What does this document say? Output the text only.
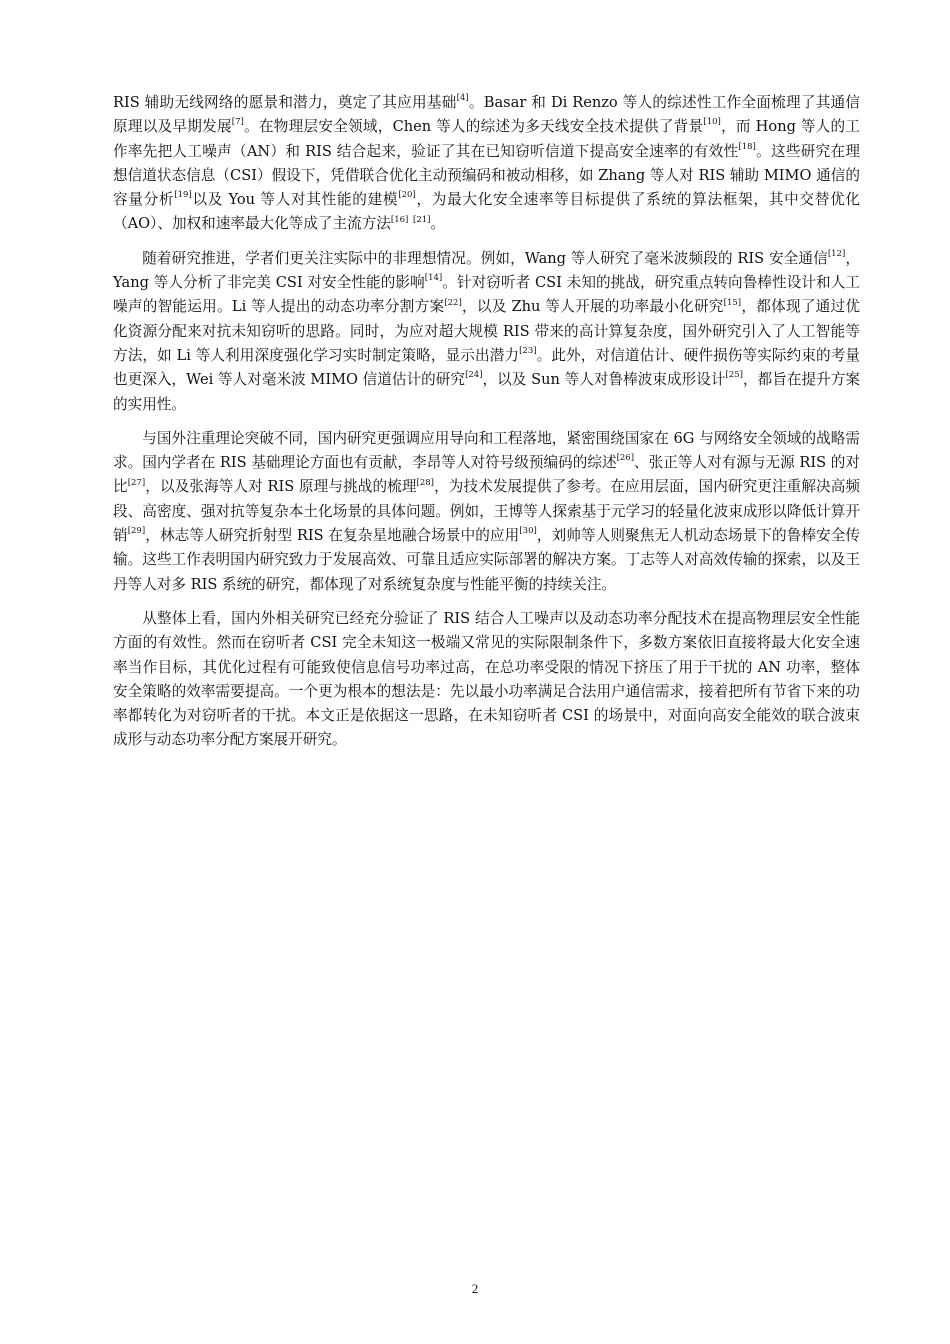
RIS 辅助无线网络的愿景和潜力，奠定了其应用基础[4]。Basar 和 Di Renzo 等人的综述性工作全面梳理了其通信原理以及早期发展[7]。在物理层安全领域，Chen 等人的综述为多天线安全技术提供了背景[10]，而 Hong 等人的工作率先把人工噪声（AN）和 RIS 结合起来，验证了其在已知窃听信道下提高安全速率的有效性[18]。这些研究在理想信道状态信息（CSI）假设下，凭借联合优化主动预编码和被动相移，如 Zhang 等人对 RIS 辅助 MIMO 通信的容量分析[19]以及 You 等人对其性能的建模[20]，为最大化安全速率等目标提供了系统的算法框架，其中交替优化（AO）、加权和速率最大化等成了主流方法[16] [21]。

随着研究推进，学者们更关注实际中的非理想情况。例如，Wang 等人研究了毫米波频段的 RIS 安全通信[12]，Yang 等人分析了非完美 CSI 对安全性能的影响[14]。针对窃听者 CSI 未知的挑战，研究重点转向鲁棒性设计和人工噪声的智能运用。Li 等人提出的动态功率分割方案[22]，以及 Zhu 等人开展的功率最小化研究[15]，都体现了通过优化资源分配来对抗未知窃听的思路。同时，为应对超大规模 RIS 带来的高计算复杂度，国外研究引入了人工智能等方法，如 Li 等人利用深度强化学习实时制定策略，显示出潜力[23]。此外，对信道估计、硬件损伤等实际约束的考量也更深入，Wei 等人对毫米波 MIMO 信道估计的研究[24]，以及 Sun 等人对鲁棒波束成形设计[25]，都旨在提升方案的实用性。

与国外注重理论突破不同，国内研究更强调应用导向和工程落地，紧密围绕国家在 6G 与网络安全领域的战略需求。国内学者在 RIS 基础理论方面也有贡献，李昂等人对符号级预编码的综述[26]、张正等人对有源与无源 RIS 的对比[27]，以及张海等人对 RIS 原理与挑战的梳理[28]，为技术发展提供了参考。在应用层面，国内研究更注重解决高频段、高密度、强对抗等复杂本土化场景的具体问题。例如，王博等人探索基于元学习的轻量化波束成形以降低计算开销[29]，林志等人研究折射型 RIS 在复杂星地融合场景中的应用[30]，刘帅等人则聚焦无人机动态场景下的鲁棒安全传输。这些工作表明国内研究致力于发展高效、可靠且适应实际部署的解决方案。丁志等人对高效传输的探索，以及王丹等人对多 RIS 系统的研究，都体现了对系统复杂度与性能平衡的持续关注。

从整体上看，国内外相关研究已经充分验证了 RIS 结合人工噪声以及动态功率分配技术在提高物理层安全性能方面的有效性。然而在窃听者 CSI 完全未知这一极端又常见的实际限制条件下，多数方案依旧直接将最大化安全速率当作目标，其优化过程有可能致使信息信号功率过高，在总功率受限的情况下挤压了用于干扰的 AN 功率，整体安全策略的效率需要提高。一个更为根本的想法是：先以最小功率满足合法用户通信需求，接着把所有节省下来的功率都转化为对窃听者的干扰。本文正是依据这一思路，在未知窃听者 CSI 的场景中，对面向高安全能效的联合波束成形与动态功率分配方案展开研究。

2
